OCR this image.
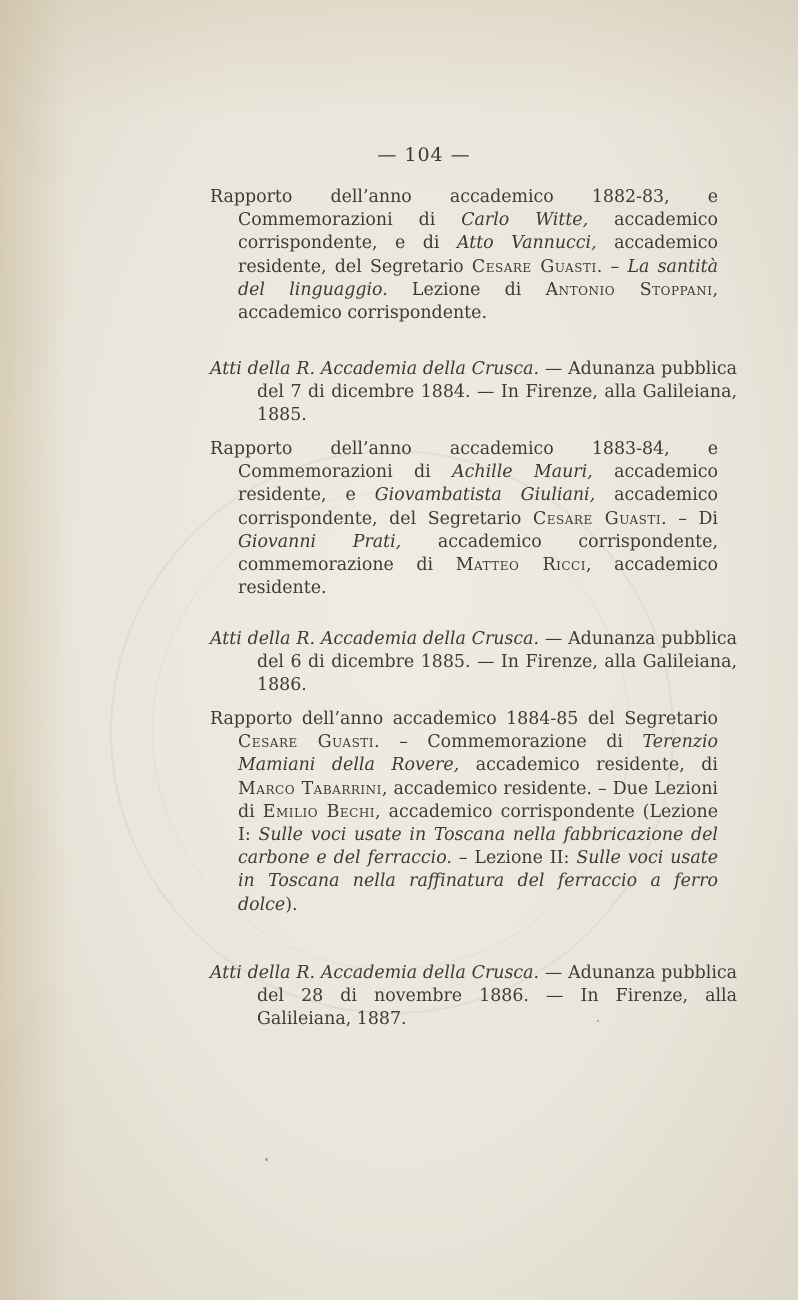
— 104 —

Rapporto dell’anno accademico 1882-83, e Commemorazioni di Carlo Witte, accademico corrispondente, e di Atto Vannucci, accademico residente, del Segretario Cesare Guasti. – La santità del linguaggio. Lezione di Antonio Stoppani, accademico corrispondente.

Atti della R. Accademia della Crusca. — Adunanza pubblica del 7 di dicembre 1884. — In Firenze, alla Galileiana, 1885.

Rapporto dell’anno accademico 1883-84, e Commemorazioni di Achille Mauri, accademico residente, e Giovambatista Giuliani, accademico corrispondente, del Segretario Cesare Guasti. – Di Giovanni Prati, accademico corrispondente, commemorazione di Matteo Ricci, accademico residente.

Atti della R. Accademia della Crusca. — Adunanza pubblica del 6 di dicembre 1885. — In Firenze, alla Galileiana, 1886.

Rapporto dell’anno accademico 1884-85 del Segretario Cesare Guasti. – Commemorazione di Terenzio Mamiani della Rovere, accademico residente, di Marco Tabarrini, accademico residente. – Due Lezioni di Emilio Bechi, accademico corrispondente (Lezione I: Sulle voci usate in Toscana nella fabbricazione del carbone e del ferraccio. – Lezione II: Sulle voci usate in Toscana nella raffinatura del ferraccio a ferro dolce).

Atti della R. Accademia della Crusca. — Adunanza pubblica del 28 di novembre 1886. — In Firenze, alla Galileiana, 1887.
